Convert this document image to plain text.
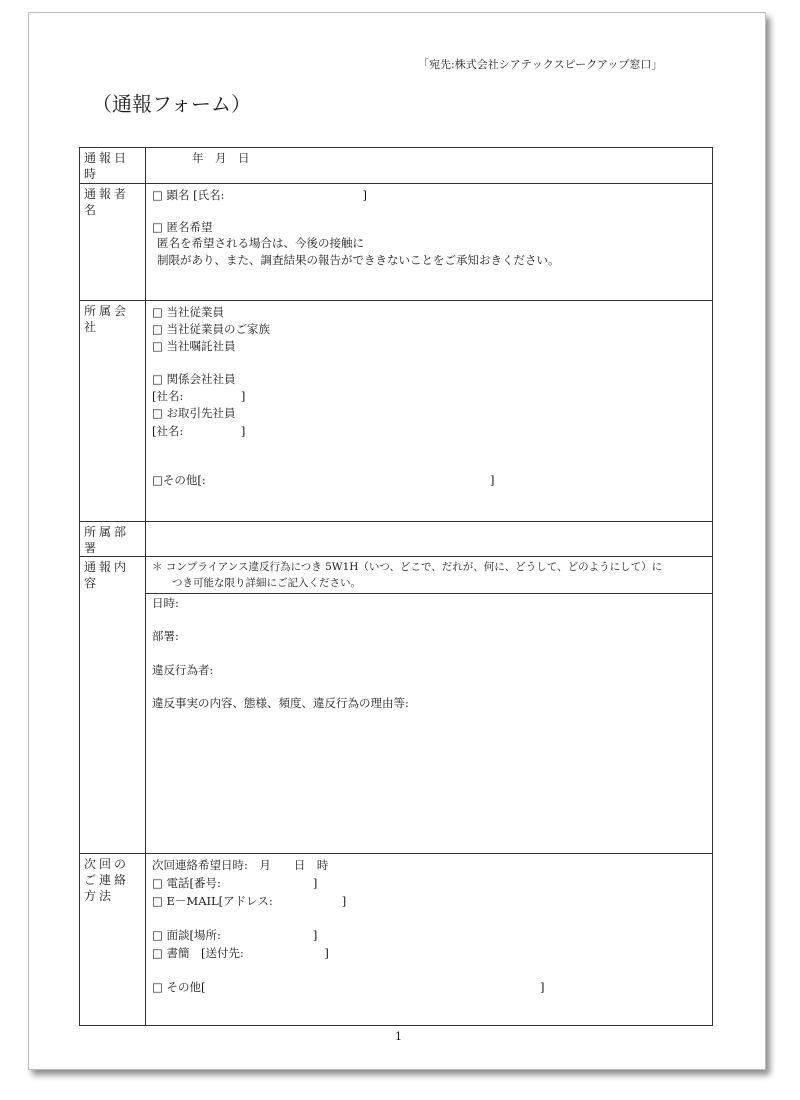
「宛先:株式会社シアテックスピークアップ窓口」
（通報フォーム）
通報日時
年　月　日
通報者名
□ 顕名 [氏名:　　　　　　　　　　　　]
□ 匿名希望
匿名を希望される場合は、今後の接触に
制限があり、また、調査結果の報告ができきないことをご承知おきください。
所属会社
□ 当社従業員
□ 当社従業員のご家族
□ 当社嘱託社員
□ 関係会社社員
[社名:　　　　　]
□ お取引先社員
[社名:　　　　　]
□その他[:	]
所属部署
通報内容
＊ コンプライアンス違反行為につき 5W1H（いつ、どこで、だれが、何に、どうして、どのようにして）に
つき可能な限り詳細にご記入ください。
日時:
部署:
違反行為者:
違反事実の内容、態様、頻度、違反行為の理由等:
次回のご連絡方法
次回連絡希望日時:　月　　日　時
□ 電話[番号:　　　　　　　　]
□ E－MAIL[アドレス:　　　　　　]
□ 面談[場所:　　　　　　　　]
□ 書簡　[送付先:　　　　　　　]
□ その他[	]
1
